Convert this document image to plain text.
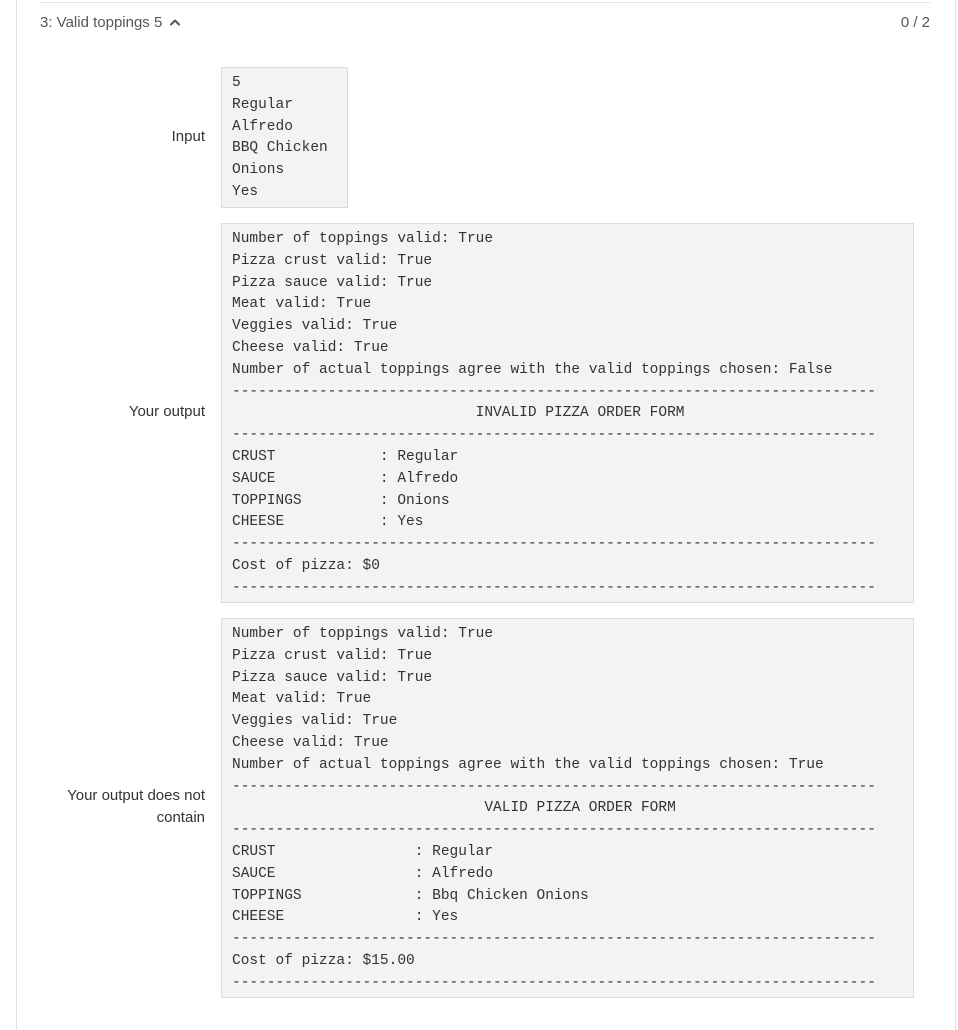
3: Valid toppings 5	0 / 2
Input
5
Regular
Alfredo
BBQ Chicken
Onions
Yes
Your output
Number of toppings valid: True
Pizza crust valid: True
Pizza sauce valid: True
Meat valid: True
Veggies valid: True
Cheese valid: True
Number of actual toppings agree with the valid toppings chosen: False
--------------------------------------------------------------------------
INVALID PIZZA ORDER FORM
--------------------------------------------------------------------------
CRUST            : Regular
SAUCE            : Alfredo
TOPPINGS         : Onions
CHEESE           : Yes
--------------------------------------------------------------------------
Cost of pizza: $0
--------------------------------------------------------------------------
Your output does not contain
Number of toppings valid: True
Pizza crust valid: True
Pizza sauce valid: True
Meat valid: True
Veggies valid: True
Cheese valid: True
Number of actual toppings agree with the valid toppings chosen: True
--------------------------------------------------------------------------
VALID PIZZA ORDER FORM
--------------------------------------------------------------------------
CRUST                : Regular
SAUCE                : Alfredo
TOPPINGS             : Bbq Chicken Onions
CHEESE               : Yes
--------------------------------------------------------------------------
Cost of pizza: $15.00
--------------------------------------------------------------------------
